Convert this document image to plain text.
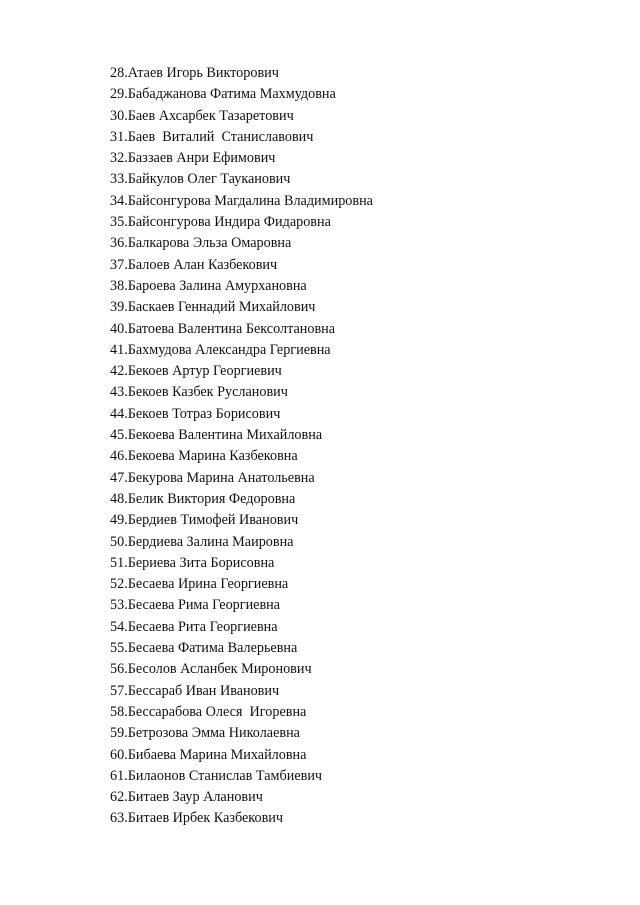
28.Атаев Игорь Викторович
29.Бабаджанова Фатима Махмудовна
30.Баев Ахсарбек Тазаретович
31.Баев  Виталий  Станиславович
32.Баззаев Анри Ефимович
33.Байкулов Олег Тауканович
34.Байсонгурова Магдалина Владимировна
35.Байсонгурова Индира Фидаровна
36.Балкарова Эльза Омаровна
37.Балоев Алан Казбекович
38.Бароева Залина Амурхановна
39.Баскаев Геннадий Михайлович
40.Батоева Валентина Бексолтановна
41.Бахмудова Александра Гергиевна
42.Бекоев Артур Георгиевич
43.Бекоев Казбек Русланович
44.Бекоев Тотраз Борисович
45.Бекоева Валентина Михайловна
46.Бекоева Марина Казбековна
47.Бекурова Марина Анатольевна
48.Белик Виктория Федоровна
49.Бердиев Тимофей Иванович
50.Бердиева Залина Маировна
51.Бериева Зита Борисовна
52.Бесаева Ирина Георгиевна
53.Бесаева Рима Георгиевна
54.Бесаева Рита Георгиевна
55.Бесаева Фатима Валерьевна
56.Бесолов Асланбек Миронович
57.Бессараб Иван Иванович
58.Бессарабова Олеся  Игоревна
59.Бетрозова Эмма Николаевна
60.Бибаева Марина Михайловна
61.Билаонов Станислав Тамбиевич
62.Битаев Заур Аланович
63.Битаев Ирбек Казбекович
